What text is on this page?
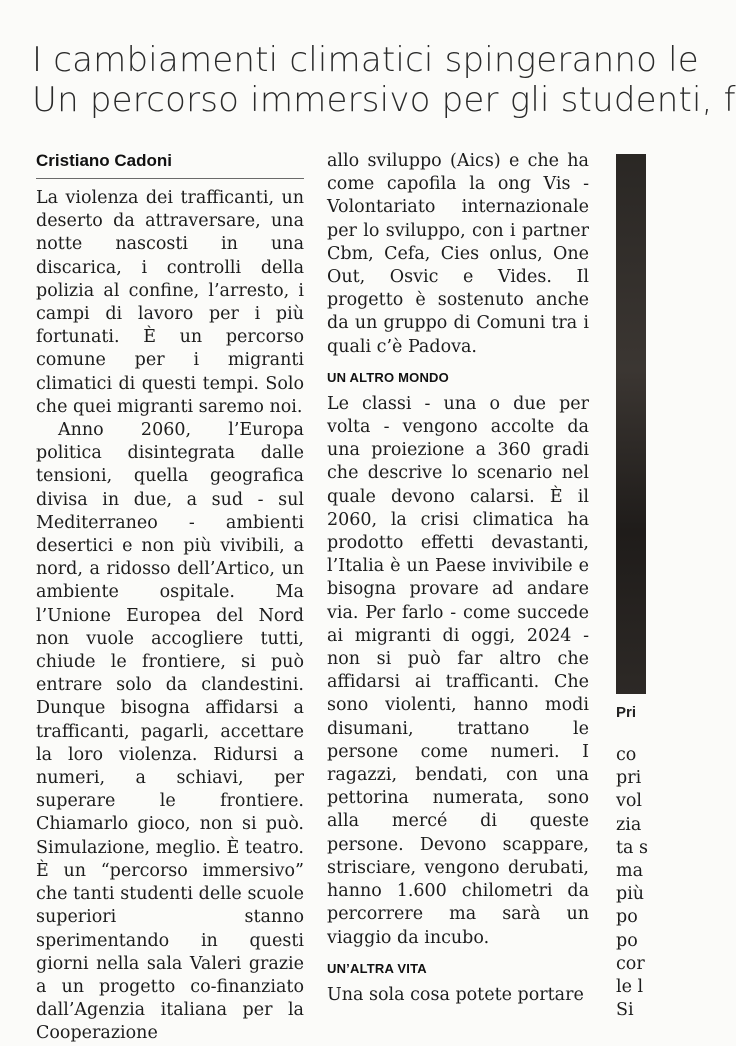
I cambiamenti climatici spingeranno le
Un percorso immersivo per gli studenti, f
Cristiano Cadoni

La violenza dei trafficanti, un deserto da attraversare, una notte nascosti in una discarica, i controlli della polizia al confine, l’arresto, i campi di lavoro per i più fortunati. È un percorso comune per i migranti climatici di questi tempi. Solo che quei migranti saremo noi.

Anno 2060, l’Europa politica disintegrata dalle tensioni, quella geografica divisa in due, a sud - sul Mediterraneo - ambienti desertici e non più vivibili, a nord, a ridosso dell’Artico, un ambiente ospitale. Ma l’Unione Europea del Nord non vuole accogliere tutti, chiude le frontiere, si può entrare solo da clandestini. Dunque bisogna affidarsi a trafficanti, pagarli, accettare la loro violenza. Ridursi a numeri, a schiavi, per superare le frontiere. Chiamarlo gioco, non si può. Simulazione, meglio. È teatro. È un “percorso immersivo” che tanti studenti delle scuole superiori stanno sperimentando in questi giorni nella sala Valeri grazie a un progetto co-finanziato dall’Agenzia italiana per la Cooperazione

allo sviluppo (Aics) e che ha come capofila la ong Vis - Volontariato internazionale per lo sviluppo, con i partner Cbm, Cefa, Cies onlus, One Out, Osvic e Vides. Il progetto è sostenuto anche da un gruppo di Comuni tra i quali c’è Padova.

UN ALTRO MONDO

Le classi - una o due per volta - vengono accolte da una proiezione a 360 gradi che descrive lo scenario nel quale devono calarsi. È il 2060, la crisi climatica ha prodotto effetti devastanti, l’Italia è un Paese invivibile e bisogna provare ad andare via. Per farlo - come succede ai migranti di oggi, 2024 - non si può far altro che affidarsi ai trafficanti. Che sono violenti, hanno modi disumani, trattano le persone come numeri. I ragazzi, bendati, con una pettorina numerata, sono alla mercé di queste persone. Devono scappare, strisciare, vengono derubati, hanno 1.600 chilometri da percorrere ma sarà un viaggio da incubo.

UN’ALTRA VITA

Una sola cosa potete portare

Pri
co
pri
vol
zia
ta s
ma
più
po
po
cor
le l
Si
